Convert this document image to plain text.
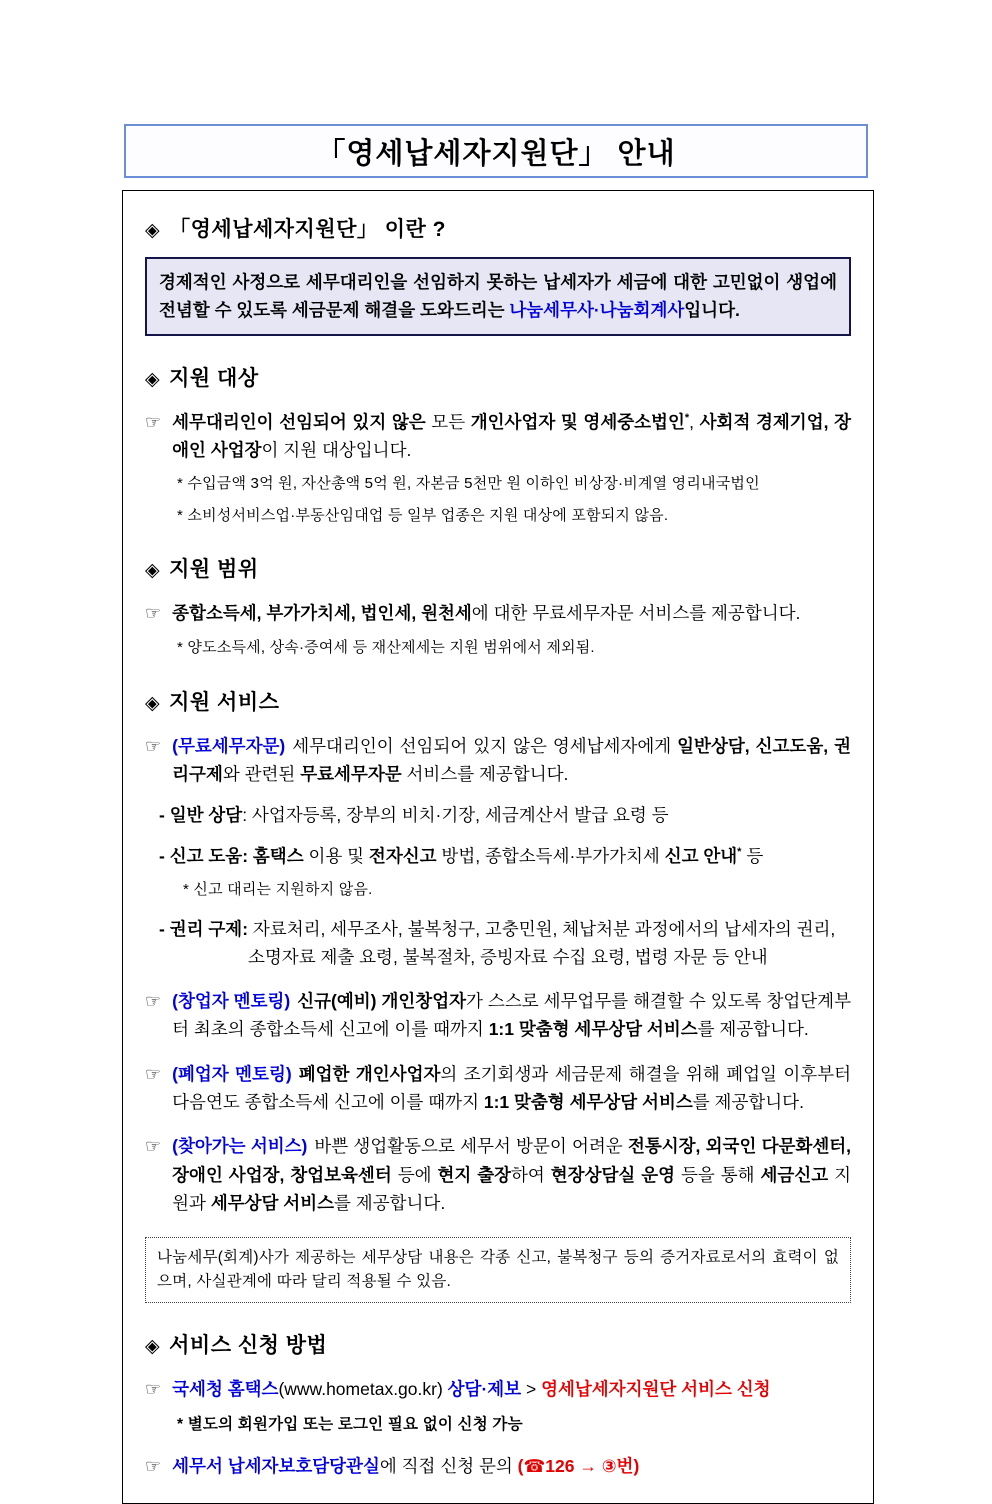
「영세납세자지원단」 안내
◈ 「영세납세자지원단」 이란 ?
경제적인 사정으로 세무대리인을 선임하지 못하는 납세자가 세금에 대한 고민없이 생업에 전념할 수 있도록 세금문제 해결을 도와드리는 나눔세무사·나눔회계사입니다.
◈ 지원 대상
☞ 세무대리인이 선임되어 있지 않은 모든 개인사업자 및 영세중소법인*, 사회적 경제기업, 장애인 사업장이 지원 대상입니다.
* 수입금액 3억 원, 자산총액 5억 원, 자본금 5천만 원 이하인 비상장·비계열 영리내국법인
* 소비성서비스업·부동산임대업 등 일부 업종은 지원 대상에 포함되지 않음.
◈ 지원 범위
☞ 종합소득세, 부가가치세, 법인세, 원천세에 대한 무료세무자문 서비스를 제공합니다.
* 양도소득세, 상속·증여세 등 재산제세는 지원 범위에서 제외됨.
◈ 지원 서비스
☞ (무료세무자문) 세무대리인이 선임되어 있지 않은 영세납세자에게 일반상담, 신고도움, 권리구제와 관련된 무료세무자문 서비스를 제공합니다.
- 일반 상담: 사업자등록, 장부의 비치·기장, 세금계산서 발급 요령 등
- 신고 도움: 홈택스 이용 및 전자신고 방법, 종합소득세·부가가치세 신고 안내* 등
* 신고 대리는 지원하지 않음.
- 권리 구제: 자료처리, 세무조사, 불복청구, 고충민원, 체납처분 과정에서의 납세자의 권리,
소명자료 제출 요령, 불복절차, 증빙자료 수집 요령, 법령 자문 등 안내
☞ (창업자 멘토링) 신규(예비) 개인창업자가 스스로 세무업무를 해결할 수 있도록 창업단계부터 최초의 종합소득세 신고에 이를 때까지 1:1 맞춤형 세무상담 서비스를 제공합니다.
☞ (폐업자 멘토링) 폐업한 개인사업자의 조기회생과 세금문제 해결을 위해 폐업일 이후부터 다음연도 종합소득세 신고에 이를 때까지 1:1 맞춤형 세무상담 서비스를 제공합니다.
☞ (찾아가는 서비스) 바쁜 생업활동으로 세무서 방문이 어려운 전통시장, 외국인 다문화센터, 장애인 사업장, 창업보육센터 등에 현지 출장하여 현장상담실 운영 등을 통해 세금신고 지원과 세무상담 서비스를 제공합니다.
나눔세무(회계)사가 제공하는 세무상담 내용은 각종 신고, 불복청구 등의 증거자료로서의 효력이 없으며, 사실관계에 따라 달리 적용될 수 있음.
◈ 서비스 신청 방법
☞ 국세청 홈택스(www.hometax.go.kr) 상담·제보 > 영세납세자지원단 서비스 신청
* 별도의 회원가입 또는 로그인 필요 없이 신청 가능
☞ 세무서 납세자보호담당관실에 직접 신청 문의 (☎126 → ③번)
